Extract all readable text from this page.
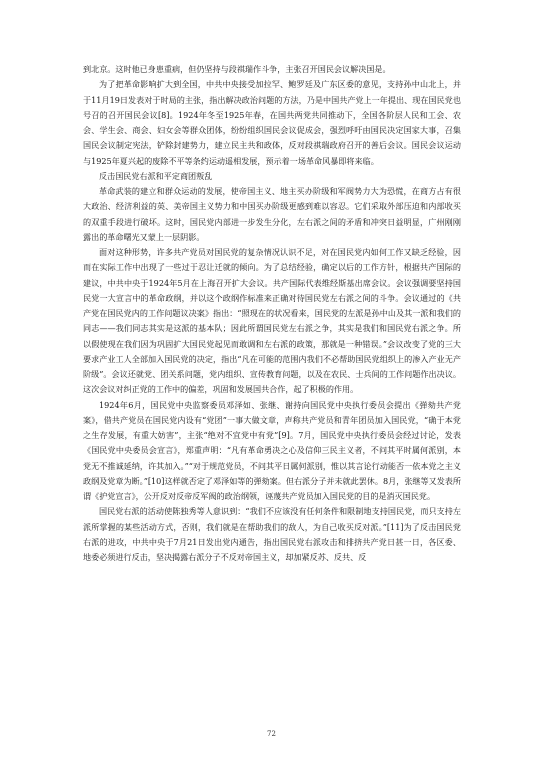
到北京。这时他已身患重病，但仍坚持与段祺瑞作斗争，主张召开国民会议解决国是。

为了把革命影响扩大到全国，中共中央接受加拉罕、鲍罗廷及广东区委的意见，支持孙中山北上，并于11月19日发表对于时局的主张，指出解决政治问题的方法，乃是中国共产党上一年提出、现在国民党也号召的召开国民会议[8]。1924年冬至1925年春，在国共两党共同推动下，全国各阶层人民和工会、农会、学生会、商会、妇女会等群众团体，纷纷组织国民会议促成会，强烈呼吁由国民决定国家大事，召集国民会议制定宪法，铲除封建势力，建立民主共和政体，反对段祺瑞政府召开的善后会议。国民会议运动与1925年夏兴起的废除不平等条约运动遥相发展，预示着一场革命风暴即将来临。

反击国民党右派和平定商团叛乱

革命武装的建立和群众运动的发展，使帝国主义、地主买办阶级和军阀势力大为恐慌，在商方占有很大政治、经济利益的英、美帝国主义势力和中国买办阶级更感到难以容忍。它们采取外部压迫和内部收买的双重手段进行破坏。这时，国民党内部进一步发生分化，左右派之间的矛盾和冲突日益明显，广州刚刚露出的革命曙光又蒙上一层阴影。

面对这种形势，许多共产党员对国民党的复杂情况认识不足，对在国民党内如何工作又缺乏经验，因而在实际工作中出现了一些过于忍让迁就的倾向。为了总结经验，确定以后的工作方针，根据共产国际的建议，中共中央于1924年5月在上海召开扩大会议。共产国际代表维经斯基出席会议。会议强调要坚持国民党一大宣言中的革命政纲，并以这个政纲作标准来正确对待国民党左右派之间的斗争。会议通过的《共产党在国民党内的工作问题议决案》指出：“照现在的状况看来，国民党的左派是孙中山及其一派和我们的同志——我们同志其实是这派的基本队；因此所谓国民党左右派之争，其实是我们和国民党右派之争。所以假使现在我们因为巩固扩大国民党起见而敢调和左右派的政策，那就是一种错误。”会议改变了党的三大要求产业工人全部加入国民党的决定，指出“凡在可能的范围内我们不必帮助国民党组织上的渗入产业无产阶级”。会议还就党、团关系问题，党内组织、宣传教育问题，以及在农民、士兵间的工作问题作出决议。这次会议对纠正党的工作中的偏差，巩固和发展国共合作，起了积极的作用。

1924年6月，国民党中央监察委员邓泽如、张继、谢持向国民党中央执行委员会提出《弹劾共产党案》，借共产党员在国民党内设有“党团”一事大做文章，声称共产党员和青年团员加入国民党，“确于本党之生存发展，有重大妨害”，主张“绝对不宜党中有党”[9]。7月，国民党中央执行委员会经过讨论，发表《国民党中央委员会宣言》，郑重声明：“凡有革命勇决之心及信仰三民主义者，不问其平时属何派别，本党无不推诚延纳，许其加入。”“对于规范党员，不问其平日属何派别，惟以其言论行动能否一依本党之主义政纲及党章为断。”[10]这样就否定了邓泽如等的弹劾案。但右派分子并未就此罢休。8月，张继等又发表所谓《护党宣言》，公开反对反帝反军阀的政治纲领，诬蔑共产党员加入国民党的目的是消灭国民党。

国民党右派的活动使陈独秀等人意识到：“我们不应该没有任何条件和限制地支持国民党，而只支持左派所掌握的某些活动方式，否则，我们就是在帮助我们的敌人，为自己收买反对派。”[11]为了反击国民党右派的进攻，中共中央于7月21日发出党内通告，指出国民党右派攻击和排挤共产党日甚一日，各区委、地委必须进行反击，坚决揭露右派分子不反对帝国主义，却加紧反苏、反共、反

72
